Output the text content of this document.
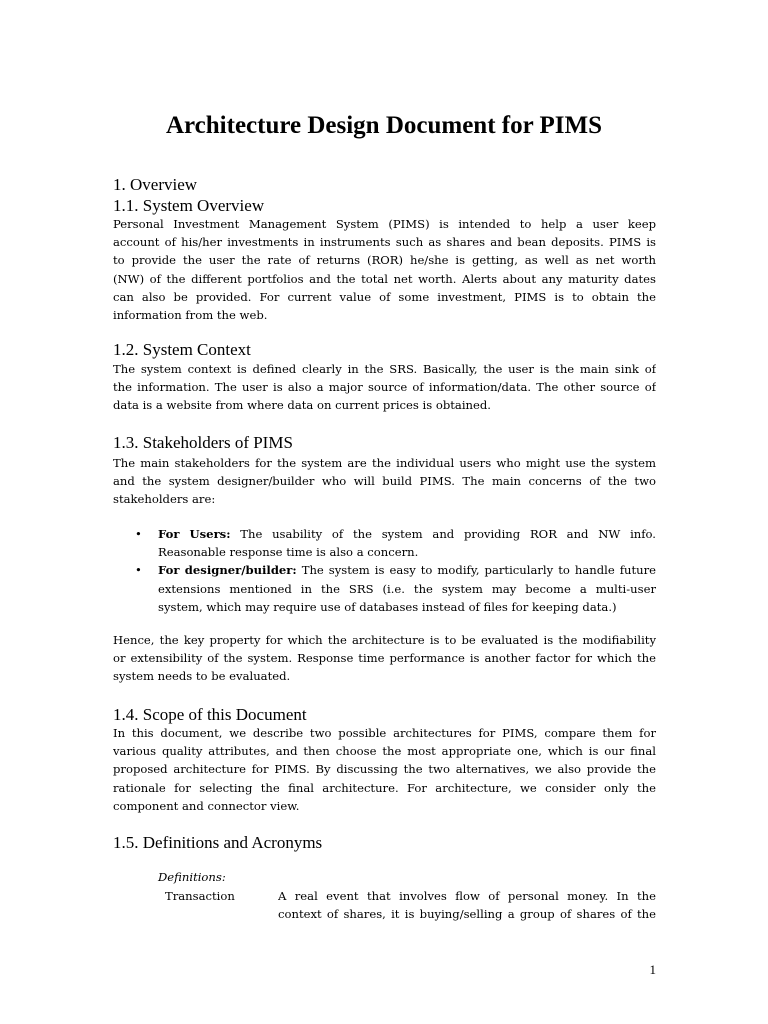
Architecture Design Document for PIMS
1. Overview
1.1. System Overview

Personal Investment Management System (PIMS) is intended to help a user keep
account of his/her investments in instruments such as shares and bean deposits. PIMS is
to provide the user the rate of returns (ROR) he/she is getting, as well as net worth
(NW) of the different portfolios and the total net worth. Alerts about any maturity dates
can also be provided. For current value of some investment, PIMS is to obtain the
information from the web.

1.2. System Context

The system context is defined clearly in the SRS. Basically, the user is the main sink of
the information. The user is also a major source of information/data. The other source of
data is a website from where data on current prices is obtained.

1.3. Stakeholders of PIMS

The main stakeholders for the system are the individual users who might use the system
and the system designer/builder who will build PIMS. The main concerns of the two
stakeholders are:

• For Users: The usability of the system and providing ROR and NW info.
Reasonable response time is also a concern.
• For designer/builder: The system is easy to modify, particularly to handle future
extensions mentioned in the SRS (i.e. the system may become a multi-user
system, which may require use of databases instead of files for keeping data.)

Hence, the key property for which the architecture is to be evaluated is the modifiability
or extensibility of the system. Response time performance is another factor for which the
system needs to be evaluated.

1.4. Scope of this Document

In this document, we describe two possible architectures for PIMS, compare them for
various quality attributes, and then choose the most appropriate one, which is our final
proposed architecture for PIMS. By discussing the two alternatives, we also provide the
rationale for selecting the final architecture. For architecture, we consider only the
component and connector view.

1.5. Definitions and Acronyms

Definitions:

Transaction	A real event that involves flow of personal money. In the
context of shares, it is buying/selling a group of shares of the

1
